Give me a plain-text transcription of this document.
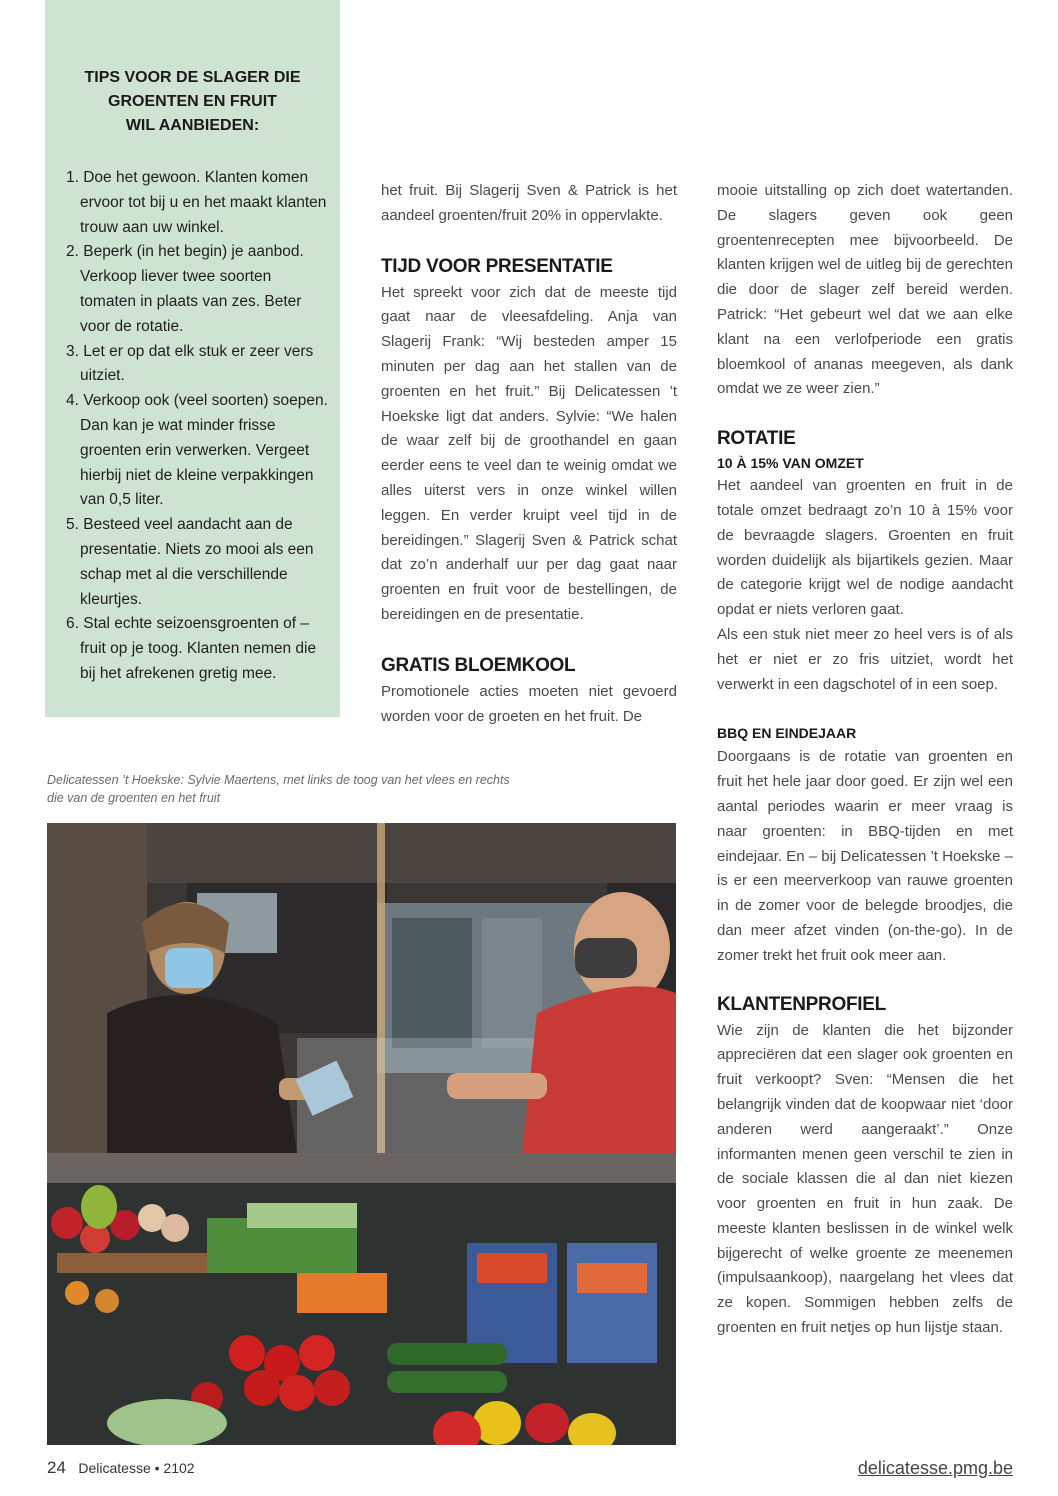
TIPS VOOR DE SLAGER DIE
GROENTEN EN FRUIT
WIL AANBIEDEN:
1. Doe het gewoon. Klanten komen ervoor tot bij u en het maakt klanten trouw aan uw winkel.
2. Beperk (in het begin) je aanbod. Verkoop liever twee soorten tomaten in plaats van zes. Beter voor de rotatie.
3. Let er op dat elk stuk er zeer vers uitziet.
4. Verkoop ook (veel soorten) soepen. Dan kan je wat minder frisse groenten erin verwerken. Vergeet hierbij niet de kleine verpakkingen van 0,5 liter.
5. Besteed veel aandacht aan de presentatie. Niets zo mooi als een schap met al die verschillende kleurtjes.
6. Stal echte seizoensgroenten of – fruit op je toog. Klanten nemen die bij het afrekenen gretig mee.

het fruit. Bij Slagerij Sven & Patrick is het aandeel groenten/fruit 20% in oppervlakte.

TIJD VOOR PRESENTATIE

Het spreekt voor zich dat de meeste tijd gaat naar de vleesafdeling. Anja van Slagerij Frank: “Wij besteden amper 15 minuten per dag aan het stallen van de groenten en het fruit.” Bij Delicatessen ’t Hoekske ligt dat anders. Sylvie: “We halen de waar zelf bij de groothandel en gaan eerder eens te veel dan te weinig omdat we alles uiterst vers in onze winkel willen leggen. En verder kruipt veel tijd in de bereidingen.” Slagerij Sven & Patrick schat dat zo’n anderhalf uur per dag gaat naar groenten en fruit voor de bestellingen, de bereidingen en de presentatie.

GRATIS BLOEMKOOL

Promotionele acties moeten niet gevoerd worden voor de groeten en het fruit. De

mooie uitstalling op zich doet watertanden. De slagers geven ook geen groentenrecepten mee bijvoorbeeld. De klanten krijgen wel de uitleg bij de gerechten die door de slager zelf bereid werden. Patrick: “Het gebeurt wel dat we aan elke klant na een verlofperiode een gratis bloemkool of ananas meegeven, als dank omdat we ze weer zien.”

ROTATIE
10 À 15% VAN OMZET

Het aandeel van groenten en fruit in de totale omzet bedraagt zo’n 10 à 15% voor de bevraagde slagers. Groenten en fruit worden duidelijk als bijartikels gezien. Maar de categorie krijgt wel de nodige aandacht opdat er niets verloren gaat.

Als een stuk niet meer zo heel vers is of als het er niet er zo fris uitziet, wordt het verwerkt in een dagschotel of in een soep.

BBQ EN EINDEJAAR

Doorgaans is de rotatie van groenten en fruit het hele jaar door goed. Er zijn wel een aantal periodes waarin er meer vraag is naar groenten: in BBQ-tijden en met eindejaar. En – bij Delicatessen ’t Hoekske – is er een meerverkoop van rauwe groenten in de zomer voor de belegde broodjes, die dan meer afzet vinden (on-the-go). In de zomer trekt het fruit ook meer aan.

KLANTENPROFIEL

Wie zijn de klanten die het bijzonder appreciëren dat een slager ook groenten en fruit verkoopt? Sven: “Mensen die het belangrijk vinden dat de koopwaar niet ‘door anderen werd aangeraakt’.” Onze informanten menen geen verschil te zien in de sociale klassen die al dan niet kiezen voor groenten en fruit in hun zaak. De meeste klanten beslissen in de winkel welk bijgerecht of welke groente ze meenemen (impulsaankoop), naargelang het vlees dat ze kopen. Sommigen hebben zelfs de groenten en fruit netjes op hun lijstje staan.

Delicatessen ’t Hoekske: Sylvie Maertens, met links de toog van het vlees en rechts die van de groenten en het fruit
24 Delicatesse • 2102	delicatesse.pmg.be
